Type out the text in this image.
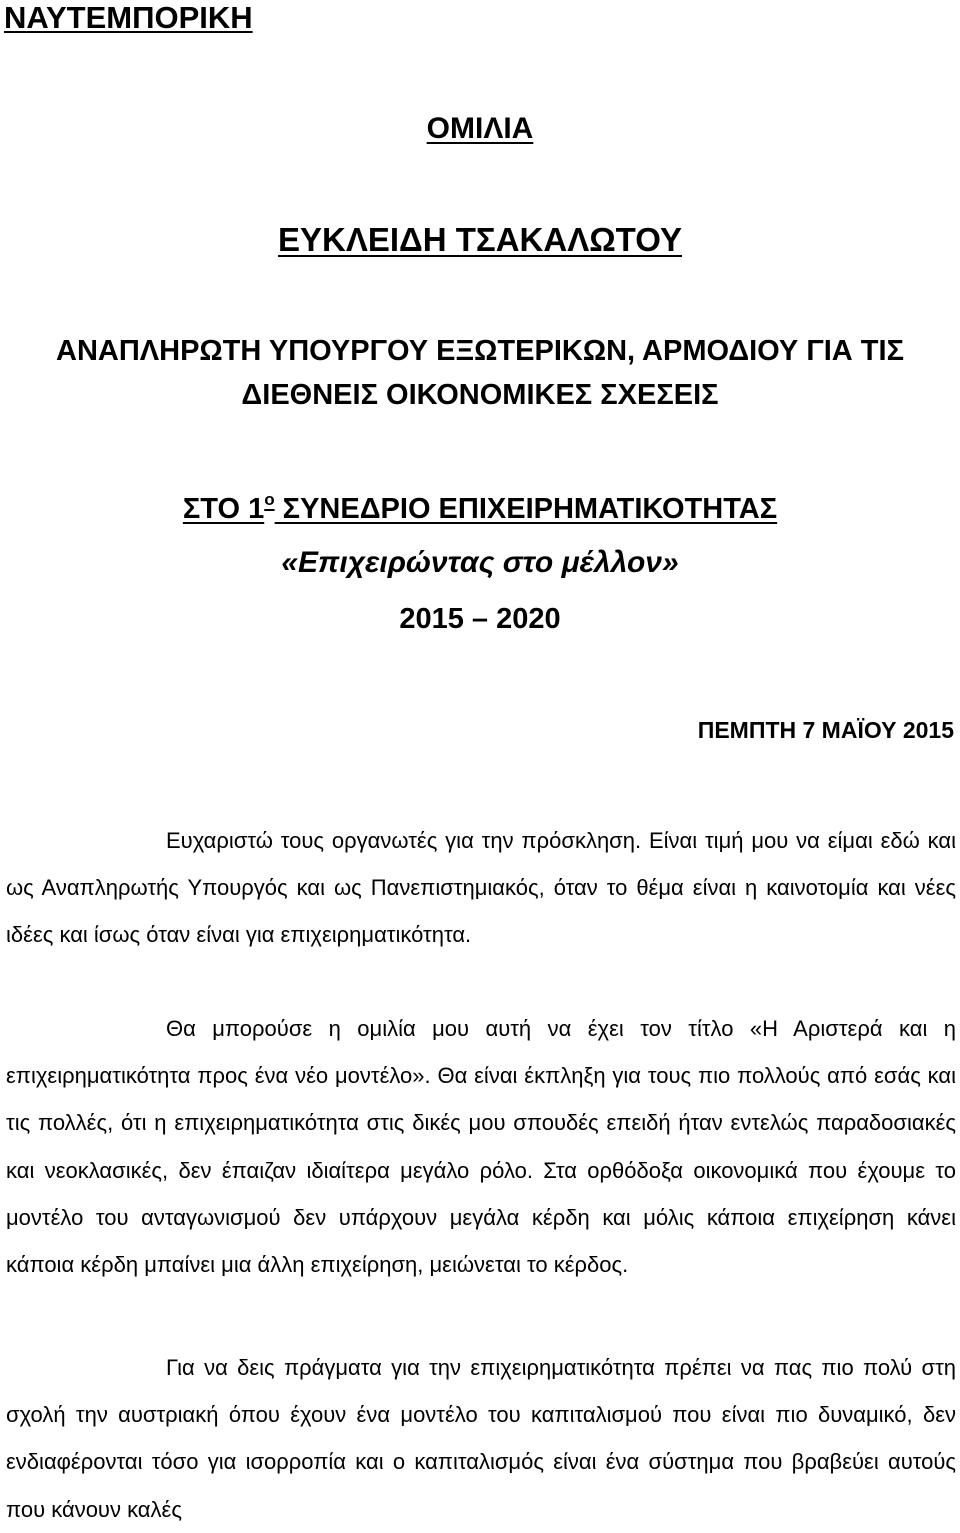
ΝΑΥΤΕΜΠΟΡΙΚΗ
ΟΜΙΛΙΑ
ΕΥΚΛΕΙΔΗ ΤΣΑΚΑΛΩΤΟΥ
ΑΝΑΠΛΗΡΩΤΗ ΥΠΟΥΡΓΟΥ ΕΞΩΤΕΡΙΚΩΝ, ΑΡΜΟΔΙΟΥ ΓΙΑ ΤΙΣ
ΔΙΕΘΝΕΙΣ ΟΙΚΟΝΟΜΙΚΕΣ ΣΧΕΣΕΙΣ
ΣΤΟ $1^o$ ΣΥΝΕΔΡΙΟ ΕΠΙΧΕΙΡΗΜΑΤΙΚΟΤΗΤΑΣ
«Επιχειρώντας στο μέλλον»
2015 – 2020
ΠΕΜΠΤΗ 7 ΜΑΪΟΥ 2015

Ευχαριστώ τους οργανωτές για την πρόσκληση. Είναι τιμή μου να είμαι εδώ και ως Αναπληρωτής Υπουργός και ως Πανεπιστημιακός, όταν το θέμα είναι η καινοτομία και νέες ιδέες και ίσως όταν είναι για επιχειρηματικότητα.

Θα μπορούσε η ομιλία μου αυτή να έχει τον τίτλο «Η Αριστερά και η επιχειρηματικότητα προς ένα νέο μοντέλο». Θα είναι έκπληξη για τους πιο πολλούς από εσάς και τις πολλές, ότι η επιχειρηματικότητα στις δικές μου σπουδές επειδή ήταν εντελώς παραδοσιακές και νεοκλασικές, δεν έπαιζαν ιδιαίτερα μεγάλο ρόλο. Στα ορθόδοξα οικονομικά που έχουμε το μοντέλο του ανταγωνισμού δεν υπάρχουν μεγάλα κέρδη και μόλις κάποια επιχείρηση κάνει κάποια κέρδη μπαίνει μια άλλη επιχείρηση, μειώνεται το κέρδος.

Για να δεις πράγματα για την επιχειρηματικότητα πρέπει να πας πιο πολύ στη σχολή την αυστριακή όπου έχουν ένα μοντέλο του καπιταλισμού που είναι πιο δυναμικό, δεν ενδιαφέρονται τόσο για ισορροπία και ο καπιταλισμός είναι ένα σύστημα που βραβεύει αυτούς που κάνουν καλές
